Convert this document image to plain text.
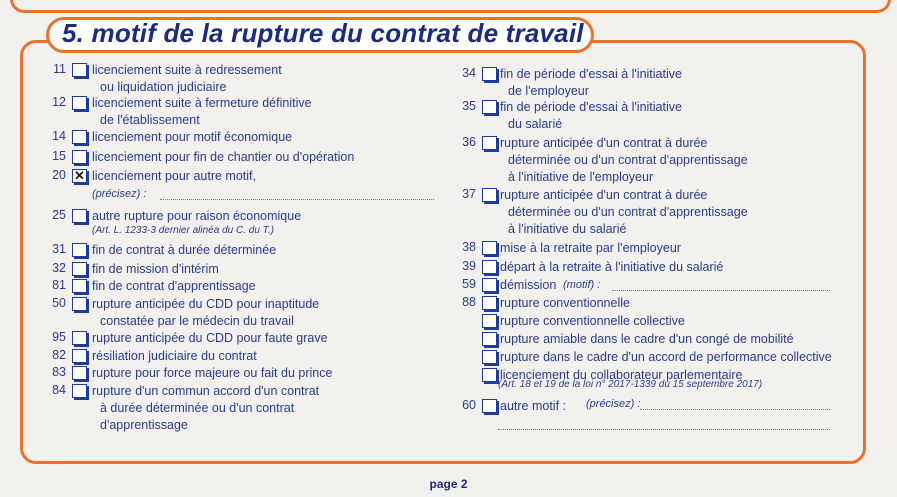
5. motif de la rupture du contrat de travail
11 licenciement suite à redressement
ou liquidation judiciaire
12 licenciement suite à fermeture définitive
de l'établissement
14 licenciement pour motif économique
15 licenciement pour fin de chantier ou d'opération
20
✕ licenciement pour autre motif,
25 autre rupture pour raison économique
31 fin de contrat à durée déterminée
32 fin de mission d'intérim
81 fin de contrat d'apprentissage
50 rupture anticipée du CDD pour inaptitude
constatée par le médecin du travail
95 rupture anticipée du CDD pour faute grave
82 résiliation judiciaire du contrat
83 rupture pour force majeure ou fait du prince
84 rupture d'un commun accord d'un contrat
à durée déterminée ou d'un contrat
d'apprentissage
34 fin de période d'essai à l'initiative
de l'employeur
35 fin de période d'essai à l'initiative
du salarié
36 rupture anticipée d'un contrat à durée
déterminée ou d'un contrat d'apprentissage
à l'initiative de l'employeur
37 rupture anticipée d'un contrat à durée
déterminée ou d'un contrat d'apprentissage
à l'initiative du salarié
38 mise à la retraite par l'employeur
39 départ à la retraite à l'initiative du salarié
59 démission
88 rupture conventionnelle
rupture conventionnelle collective
rupture amiable dans le cadre d'un congé de mobilité
rupture dans le cadre d'un accord de performance collective
licenciement du collaborateur parlementaire
60 autre motif :
(précisez) :
(Art. L. 1233-3 dernier alinéa du C. du T.)
(motif) :
(Art. 18 et 19 de la loi n° 2017-1339 du 15 septembre 2017)
(précisez) :
page 2
